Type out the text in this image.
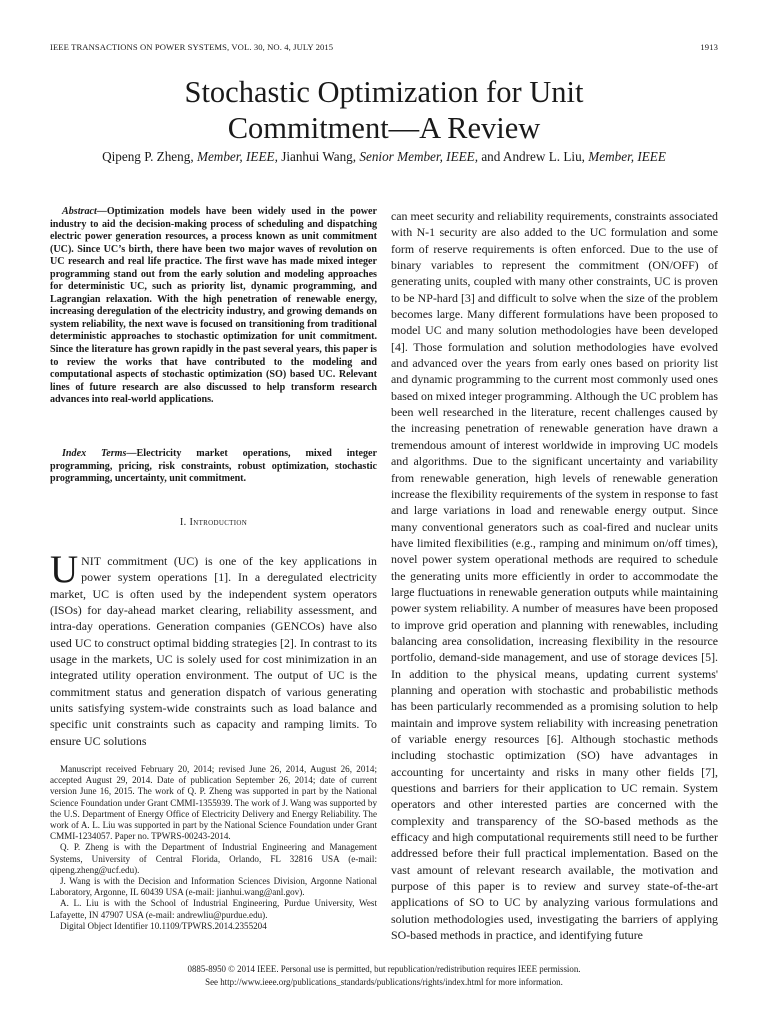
IEEE TRANSACTIONS ON POWER SYSTEMS, VOL. 30, NO. 4, JULY 2015	1913
Stochastic Optimization for Unit
Commitment—A Review
Qipeng P. Zheng, Member, IEEE, Jianhui Wang, Senior Member, IEEE, and Andrew L. Liu, Member, IEEE

Abstract—Optimization models have been widely used in the power industry to aid the decision-making process of scheduling and dispatching electric power generation resources, a process known as unit commitment (UC). Since UC’s birth, there have been two major waves of revolution on UC research and real life practice. The first wave has made mixed integer programming stand out from the early solution and modeling approaches for deterministic UC, such as priority list, dynamic programming, and Lagrangian relaxation. With the high penetration of renewable energy, increasing deregulation of the electricity industry, and growing demands on system reliability, the next wave is focused on transitioning from traditional deterministic approaches to stochastic optimization for unit commitment. Since the literature has grown rapidly in the past several years, this paper is to review the works that have contributed to the modeling and computational aspects of stochastic optimization (SO) based UC. Relevant lines of future research are also discussed to help transform research advances into real-world applications.

Index Terms—Electricity market operations, mixed integer programming, pricing, risk constraints, robust optimization, stochastic programming, uncertainty, unit commitment.

I. Introduction

UNIT commitment (UC) is one of the key applications in power system operations [1]. In a deregulated electricity market, UC is often used by the independent system operators (ISOs) for day-ahead market clearing, reliability assessment, and intra-day operations. Generation companies (GENCOs) have also used UC to construct optimal bidding strategies [2]. In contrast to its usage in the markets, UC is solely used for cost minimization in an integrated utility operation environment. The output of UC is the commitment status and generation dispatch of various generating units satisfying system-wide constraints such as load balance and specific unit constraints such as capacity and ramping limits. To ensure UC solutions

Manuscript received February 20, 2014; revised June 26, 2014, August 26, 2014; accepted August 29, 2014. Date of publication September 26, 2014; date of current version June 16, 2015. The work of Q. P. Zheng was supported in part by the National Science Foundation under Grant CMMI-1355939. The work of J. Wang was supported by the U.S. Department of Energy Office of Electricity Delivery and Energy Reliability. The work of A. L. Liu was supported in part by the National Science Foundation under Grant CMMI-1234057. Paper no. TPWRS-00243-2014.

Q. P. Zheng is with the Department of Industrial Engineering and Management Systems, University of Central Florida, Orlando, FL 32816 USA (e-mail: qipeng.zheng@ucf.edu).

J. Wang is with the Decision and Information Sciences Division, Argonne National Laboratory, Argonne, IL 60439 USA (e-mail: jianhui.wang@anl.gov).

A. L. Liu is with the School of Industrial Engineering, Purdue University, West Lafayette, IN 47907 USA (e-mail: andrewliu@purdue.edu).

Digital Object Identifier 10.1109/TPWRS.2014.2355204

can meet security and reliability requirements, constraints associated with N-1 security are also added to the UC formulation and some form of reserve requirements is often enforced. Due to the use of binary variables to represent the commitment (ON/OFF) of generating units, coupled with many other constraints, UC is proven to be NP-hard [3] and difficult to solve when the size of the problem becomes large. Many different formulations have been proposed to model UC and many solution methodologies have been developed [4]. Those formulation and solution methodologies have evolved and advanced over the years from early ones based on priority list and dynamic programming to the current most commonly used ones based on mixed integer programming. Although the UC problem has been well researched in the literature, recent challenges caused by the increasing penetration of renewable generation have drawn a tremendous amount of interest worldwide in improving UC models and algorithms. Due to the significant uncertainty and variability from renewable generation, high levels of renewable generation increase the flexibility requirements of the system in response to fast and large variations in load and renewable energy output. Since many conventional generators such as coal-fired and nuclear units have limited flexibilities (e.g., ramping and minimum on/off times), novel power system operational methods are required to schedule the generating units more efficiently in order to accommodate the large fluctuations in renewable generation outputs while maintaining power system reliability. A number of measures have been proposed to improve grid operation and planning with renewables, including balancing area consolidation, increasing flexibility in the resource portfolio, demand-side management, and use of storage devices [5]. In addition to the physical means, updating current systems' planning and operation with stochastic and probabilistic methods has been particularly recommended as a promising solution to help maintain and improve system reliability with increasing penetration of variable energy resources [6]. Although stochastic methods including stochastic optimization (SO) have advantages in accounting for uncertainty and risks in many other fields [7], questions and barriers for their application to UC remain. System operators and other interested parties are concerned with the complexity and transparency of the SO-based methods as the efficacy and high computational requirements still need to be further addressed before their full practical implementation. Based on the vast amount of relevant research available, the motivation and purpose of this paper is to review and survey state-of-the-art applications of SO to UC by analyzing various formulations and solution methodologies used, investigating the barriers of applying SO-based methods in practice, and identifying future

0885-8950 © 2014 IEEE. Personal use is permitted, but republication/redistribution requires IEEE permission.
See http://www.ieee.org/publications_standards/publications/rights/index.html for more information.
